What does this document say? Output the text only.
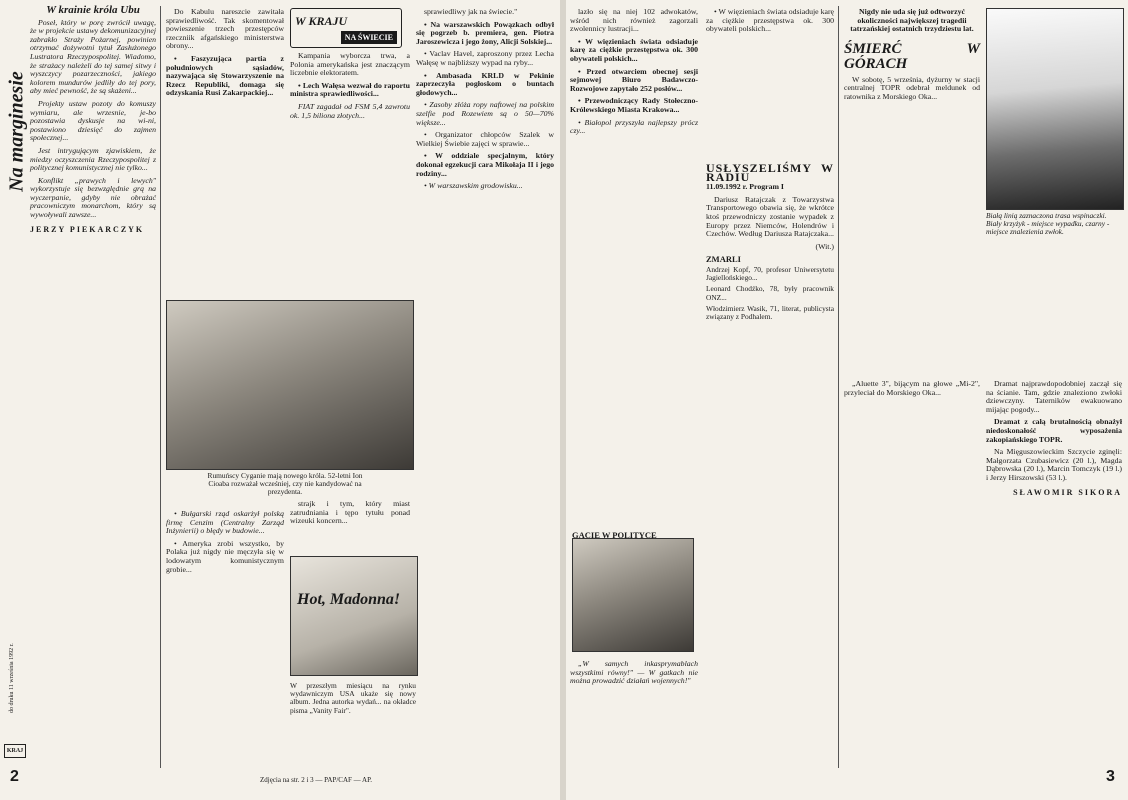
Na marginesie
do druku 11 września 1992 r.
W krainie króla Ubu

Poseł, który w porę zwrócił uwagę, że w projekcie ustawy dekomunizacyjnej zabrakło Straży Pożarnej, powinien otrzymać dożywotni tytuł Zasłużonego Lustratora Rzeczypospolitej. Wiadomo, że strażacy należeli do tej samej sitwy i wyszczycy pozarzeczności, jakiego kolorem mundurów jedliły do tej pory, aby mieć pewność, że są skażeni...

Projekty ustaw pozoty do komuszy wymiaru, ale wrzesnie, je-bo pozostawia dyskusje na wi-ni, postawiono dziesięć do zajmen społecznej...

Jest intrygującym zjawiskiem, że miedzy oczyszczenia Rzeczypospolitej z politycznej komunistycznej nie tylko...

Konflikt „prawych i lewych" wykorzystuje się bezwzględnie grą na wyczerpanie, gdyby nie obrażać pracowniczym monarchom, który są wywoływali zawsze...

JERZY PIEKARCZYK

Do Kabulu nareszcie zawitała sprawiedliwość. Tak skomentował powieszenie trzech przestępców rzeczniik afgańskiego ministerstwa obrony...

• Faszyzująca partia z południowych sąsiadów, nazywająca się Stowarzyszenie na Rzecz Republiki, domaga się odzyskania Rusi Zakarpackiej...

Kampania wyborcza trwa, a Polonia amerykańska jest znaczącym liczebnie elektoratem.

• Lech Wałęsa wezwał do raportu ministra sprawiedliwości...

FIAT zagadał od FSM 5,4 zawrotu ok. 1,5 biliona złotych...

W KRAJU
NA ŚWIECIE

sprawiedliwy jak na świecie."

• Na warszawskich Powązkach odbył się pogrzeb b. premiera, gen. Piotra Jaroszewicza i jego żony, Alicji Solskiej...

• Vaclav Havel, zaproszony przez Lecha Wałęsę w najbliższy wypad na ryby...

• Ambasada KRLD w Pekinie zaprzeczyła pogłoskom o buntach głodowych...

• Zasoby złóża ropy naftowej na polskim szelfie pod Rozewiem są o 50—70% większe...

• Organizator chłopców Szalek w Wielkiej Świebie zajęci w sprawie...

• W oddziale specjalnym, który dokonał egzekucji cara Mikołaja II i jego rodziny...

• W warszawskim grodowisku...

Rumuńscy Cyganie mają nowego króla. 52-letni Ion Cioaba rozważał wcześniej, czy nie kandydować na prezydenta.

• Bułgarski rząd oskarżył polską firmę Cenzim (Centralny Zarząd Inżynierii) o błędy w budowie...

• Ameryka zrobi wszystko, by Polaka już nigdy nie męczyła się w lodowatym komunistycznym grobie...

strajk i tym, który miast zatrudniania i tępo tytułu ponad wizeuki koncern...

Hot, Madonna!
W przeszłym miesiącu na rynku wydawniczym USA ukaże się nowy album. Jedna autorka wydań... na okładce pisma „Vanity Fair".
KRAJ
2	Zdjęcia na str. 2 i 3 — PAP/CAF — AP.

lazło się na niej 102 adwokatów, wśród nich również zagorzali zwolennicy lustracji...

• W więzieniach świata odsiaduje karę za ciężkie przestępstwa ok. 300 obywateli polskich...

• Przed otwarciem obecnej sesji sejmowej Biuro Badawczo-Rozwojowe zapytało 252 posłów...

• Przewodniczący Rady Stołeczno-Królewskiego Miasta Krakowa...

• Białopol przyszyła najlepszy prócz czy...

GACIE W POLITYCE

„W samych inkasprymablach wszystkimi równy!" — W gatkach nie można prowadzić działań wojennych!"

• W więzieniach świata odsiaduje karę za ciężkie przestępstwa ok. 300 obywateli polskich...

USŁYSZELIŚMY W RADIU
11.09.1992 r. Program I

Dariusz Ratajczak z Towarzystwa Transportowego obawia się, że wkrótce ktoś przewodniczy zostanie wypadek z Europy przez Niemców, Holendrów i Czechów. Według Dariusza Ratajczaka...

(Wit.)

ZMARLI

Andrzej Kopf, 70, profesor Uniwersytetu Jagiellońskiego...

Leonard Chodźko, 78, były pracownik ONZ...

Włodzimierz Wasik, 71, literat, publicysta związany z Podhalem.

Nigdy nie uda się już odtworzyć okoliczności największej tragedii tatrzańskiej ostatnich trzydziestu lat.

ŚMIERĆ W GÓRACH

W sobotę, 5 września, dyżurny w stacji centralnej TOPR odebrał meldunek od ratownika z Morskiego Oka...

„Aluette 3", bijącym na głowe „Mi-2", przyleciał do Morskiego Oka...

Białą linią zaznaczona trasa wspinaczki. Biały krzyżyk - miejsce wypadku, czarny - miejsce znalezienia zwłok.

Dramat najprawdopodobniej zaczął się na ścianie. Tam, gdzie znaleziono zwłoki dziewczyny. Taterników ewakuowano mijając pogody...

Dramat z całą brutalnością obnażył niedoskonałość wyposażenia zakopiańskiego TOPR.

Na Mięguszowieckim Szczycie zginęli: Małgorzata Czubasiewicz (20 l.), Magda Dąbrowska (20 l.), Marcin Tomczyk (19 l.) i Jerzy Hirszowski (53 l.).

SŁAWOMIR SIKORA
3
